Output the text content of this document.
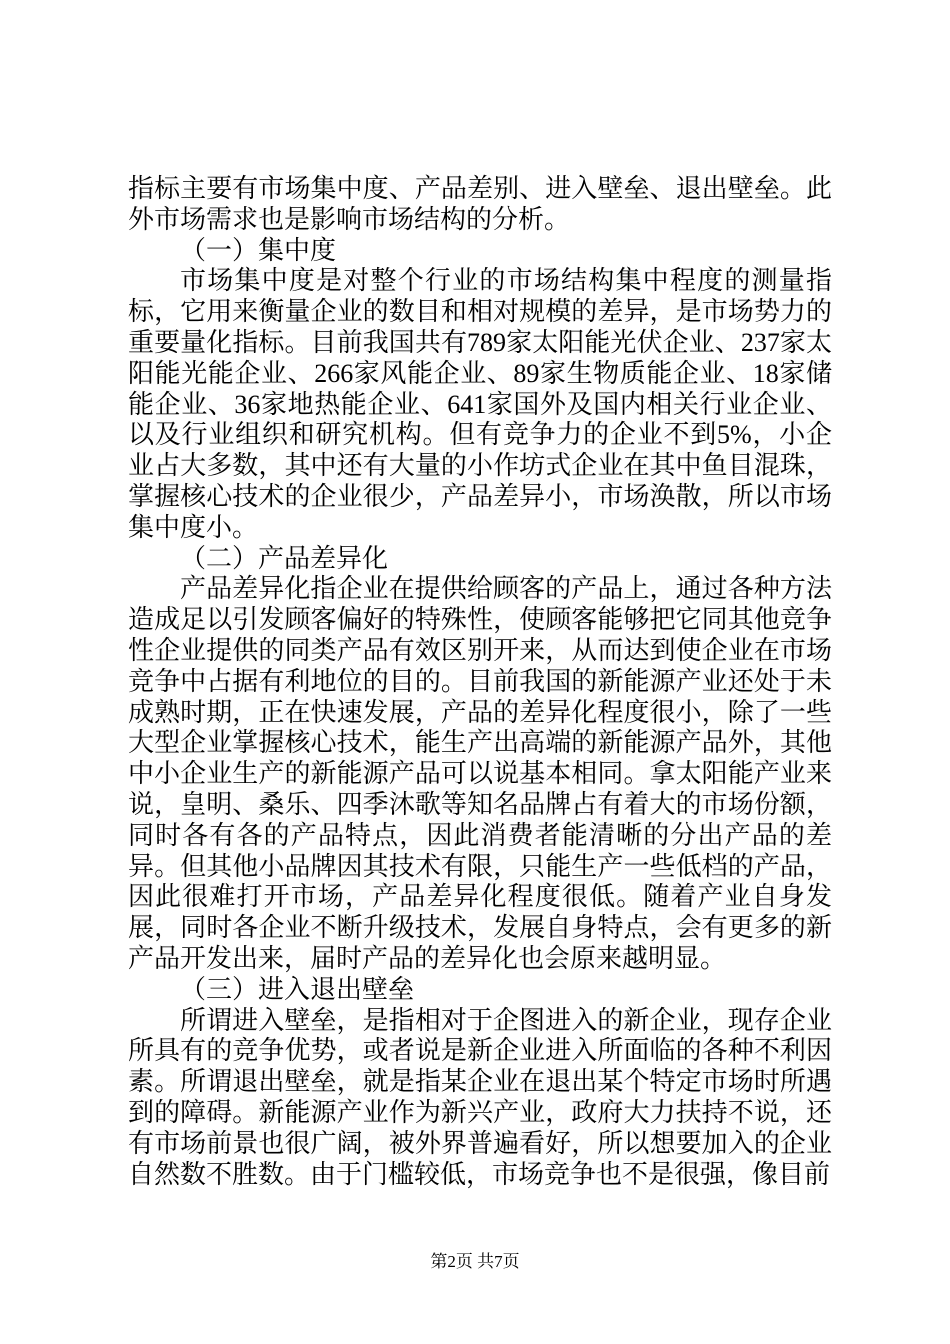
指标主要有市场集中度、产品差别、进入壁垒、退出壁垒。此外市场需求也是影响市场结构的分析。

（一）集中度

市场集中度是对整个行业的市场结构集中程度的测量指标，它用来衡量企业的数目和相对规模的差异，是市场势力的重要量化指标。目前我国共有789家太阳能光伏企业、237家太阳能光能企业、266家风能企业、89家生物质能企业、18家储能企业、36家地热能企业、641家国外及国内相关行业企业、以及行业组织和研究机构。但有竞争力的企业不到5%，小企业占大多数，其中还有大量的小作坊式企业在其中鱼目混珠，掌握核心技术的企业很少，产品差异小，市场涣散，所以市场集中度小。

（二）产品差异化

产品差异化指企业在提供给顾客的产品上，通过各种方法造成足以引发顾客偏好的特殊性，使顾客能够把它同其他竞争性企业提供的同类产品有效区别开来，从而达到使企业在市场竞争中占据有利地位的目的。目前我国的新能源产业还处于未成熟时期，正在快速发展，产品的差异化程度很小，除了一些大型企业掌握核心技术，能生产出高端的新能源产品外，其他中小企业生产的新能源产品可以说基本相同。拿太阳能产业来说，皇明、桑乐、四季沐歌等知名品牌占有着大的市场份额，同时各有各的产品特点，因此消费者能清晰的分出产品的差异。但其他小品牌因其技术有限，只能生产一些低档的产品，因此很难打开市场，产品差异化程度很低。随着产业自身发展，同时各企业不断升级技术，发展自身特点，会有更多的新产品开发出来，届时产品的差异化也会原来越明显。

（三）进入退出壁垒

所谓进入壁垒，是指相对于企图进入的新企业，现存企业所具有的竞争优势，或者说是新企业进入所面临的各种不利因素。所谓退出壁垒，就是指某企业在退出某个特定市场时所遇到的障碍。新能源产业作为新兴产业，政府大力扶持不说，还有市场前景也很广阔，被外界普遍看好，所以想要加入的企业自然数不胜数。由于门槛较低，市场竞争也不是很强，像目前

第2页 共7页
